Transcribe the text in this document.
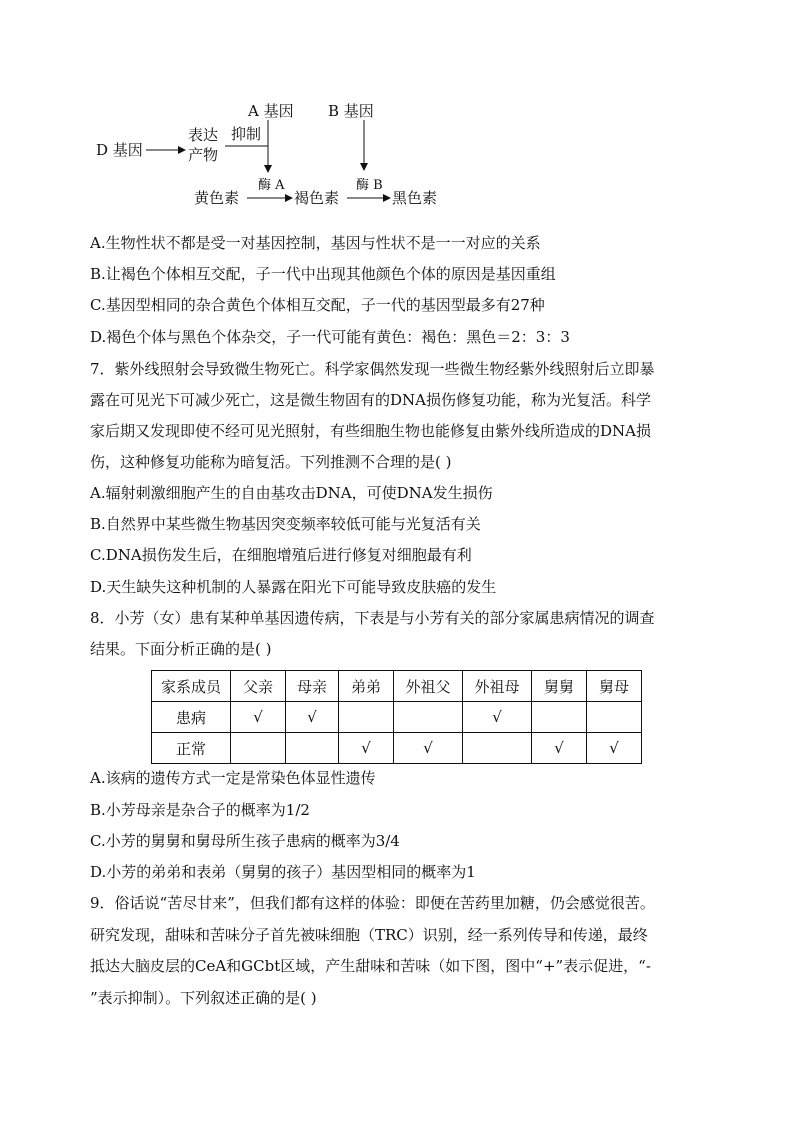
A 基因 B 基因
D 基因
表达
产物
抑制
黄色素
酶 A
褐色素
酶 B
黑色素
A.生物性状不都是受一对基因控制，基因与性状不是一一对应的关系
B.让褐色个体相互交配，子一代中出现其他颜色个体的原因是基因重组
C.基因型相同的杂合黄色个体相互交配，子一代的基因型最多有27种
D.褐色个体与黑色个体杂交，子一代可能有黄色：褐色：黑色＝2：3：3
7．紫外线照射会导致微生物死亡。科学家偶然发现一些微生物经紫外线照射后立即暴
露在可见光下可减少死亡，这是微生物固有的DNA损伤修复功能，称为光复活。科学
家后期又发现即使不经可见光照射，有些细胞生物也能修复由紫外线所造成的DNA损
伤，这种修复功能称为暗复活。下列推测不合理的是( )
A.辐射刺激细胞产生的自由基攻击DNA，可使DNA发生损伤
B.自然界中某些微生物基因突变频率较低可能与光复活有关
C.DNA损伤发生后，在细胞增殖后进行修复对细胞最有利
D.天生缺失这种机制的人暴露在阳光下可能导致皮肤癌的发生
8．小芳（女）患有某种单基因遗传病，下表是与小芳有关的部分家属患病情况的调查
结果。下面分析正确的是( )
家系成员	父亲	母亲	弟弟	外祖父	外祖母	舅舅	舅母
患病	√	√			√		
正常			√	√		√	√
A.该病的遗传方式一定是常染色体显性遗传
B.小芳母亲是杂合子的概率为1/2
C.小芳的舅舅和舅母所生孩子患病的概率为3/4
D.小芳的弟弟和表弟（舅舅的孩子）基因型相同的概率为1
9．俗话说“苦尽甘来”，但我们都有这样的体验：即便在苦药里加糖，仍会感觉很苦。
研究发现，甜味和苦味分子首先被味细胞（TRC）识别，经一系列传导和传递，最终
抵达大脑皮层的CeA和GCbt区域，产生甜味和苦味（如下图，图中“+”表示促进，“-
”表示抑制）。下列叙述正确的是( )
